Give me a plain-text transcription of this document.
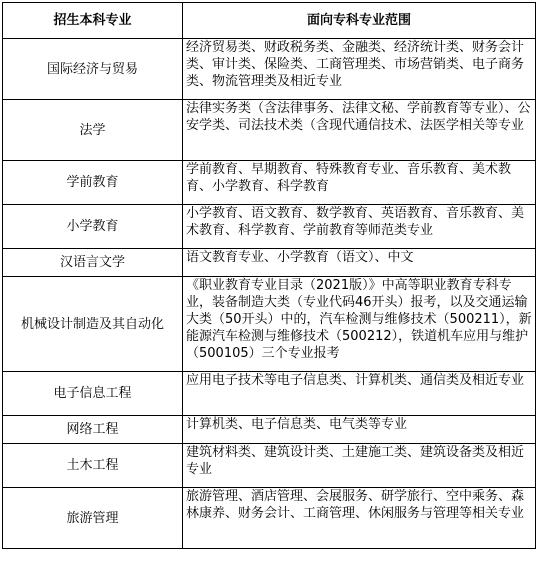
招生本科专业	面向专科专业范围
国际经济与贸易	经济贸易类、财政税务类、金融类、经济统计类、财务会计类、审计类、保险类、工商管理类、市场营销类、电子商务类、物流管理类及相近专业
法学	法律实务类（含法律事务、法律文秘、学前教育等专业）、公安学类、司法技术类（含现代通信技术、法医学相关等专业
学前教育	学前教育、早期教育、特殊教育专业、音乐教育、美术教育、小学教育、科学教育
小学教育	小学教育、语文教育、数学教育、英语教育、音乐教育、美术教育、科学教育、学前教育等师范类专业
汉语言文学	语文教育专业、小学教育（语文）、中文
机械设计制造及其自动化	《职业教育专业目录（2021版）》中高等职业教育专科专业，装备制造大类（专业代码46开头）报考，以及交通运输大类（50开头）中的，汽车检测与维修技术（500211），新能源汽车检测与维修技术（500212），铁道机车应用与维护（500105）三个专业报考
电子信息工程	应用电子技术等电子信息类、计算机类、通信类及相近专业
网络工程	计算机类、电子信息类、电气类等专业
土木工程	建筑材料类、建筑设计类、土建施工类、建筑设备类及相近专业
旅游管理	旅游管理、酒店管理、会展服务、研学旅行、空中乘务、森林康养、财务会计、工商管理、休闲服务与管理等相关专业
